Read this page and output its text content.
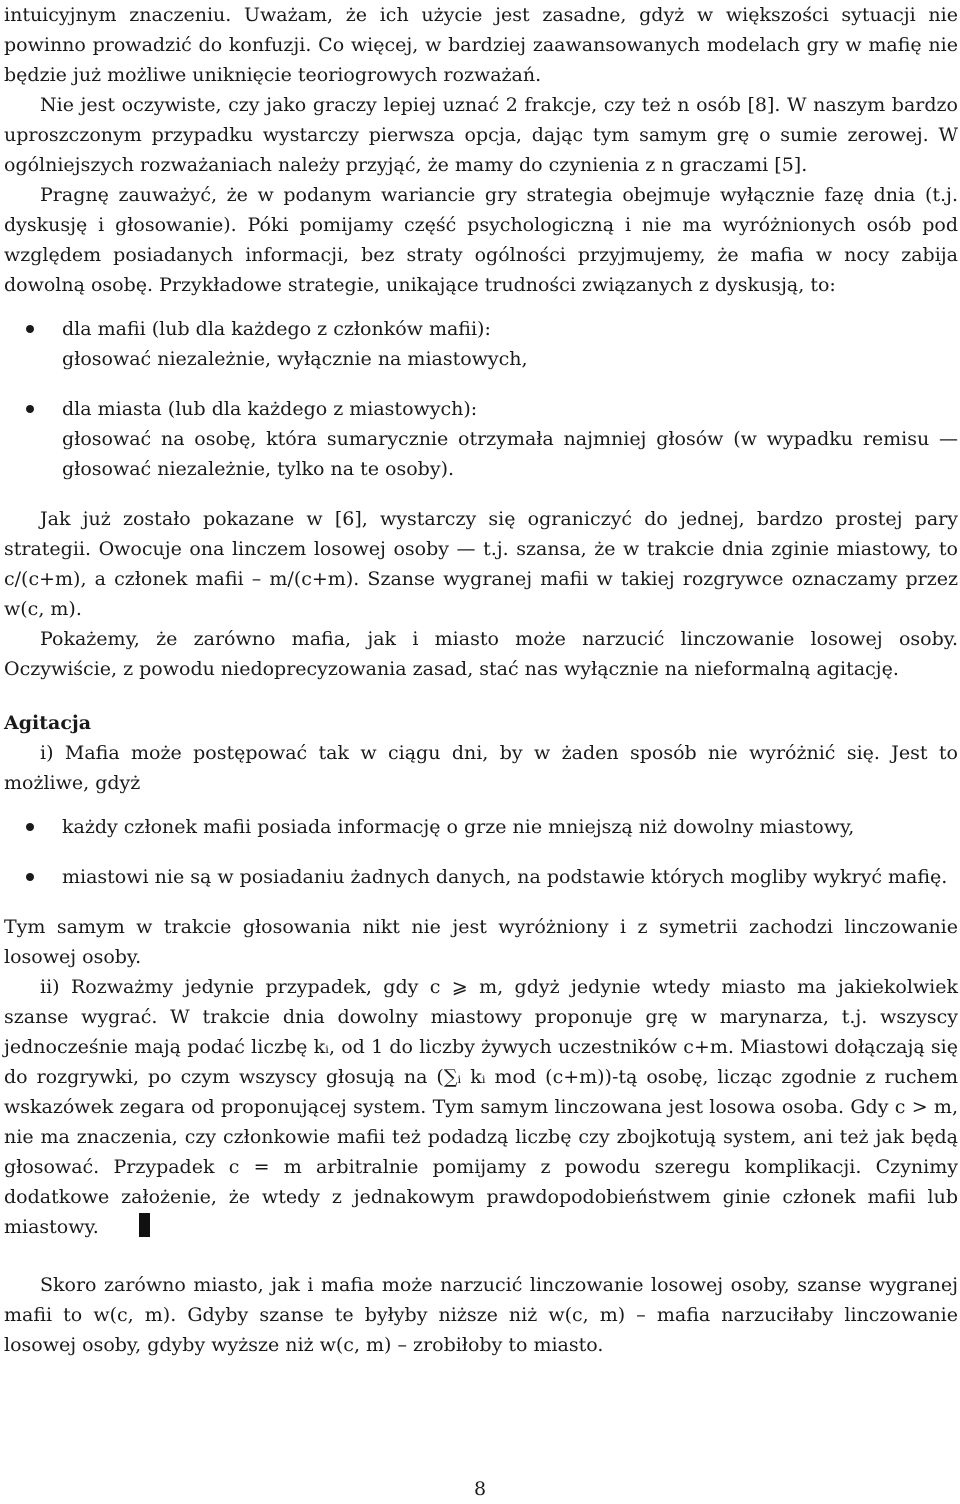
intuicyjnym znaczeniu. Uważam, że ich użycie jest zasadne, gdyż w większości sytuacji nie powinno prowadzić do konfuzji. Co więcej, w bardziej zaawansowanych modelach gry w mafię nie będzie już możliwe uniknięcie teoriogrowych rozważań.

Nie jest oczywiste, czy jako graczy lepiej uznać 2 frakcje, czy też n osób [8]. W naszym bardzo uproszczonym przypadku wystarczy pierwsza opcja, dając tym samym grę o sumie zerowej. W ogólniejszych rozważaniach należy przyjąć, że mamy do czynienia z n graczami [5].

Pragnę zauważyć, że w podanym wariancie gry strategia obejmuje wyłącznie fazę dnia (t.j. dyskusję i głosowanie). Póki pomijamy część psychologiczną i nie ma wyróżnionych osób pod względem posiadanych informacji, bez straty ogólności przyjmujemy, że mafia w nocy zabija dowolną osobę. Przykładowe strategie, unikające trudności związanych z dyskusją, to:

dla mafii (lub dla każdego z członków mafii):
głosować niezależnie, wyłącznie na miastowych,
dla miasta (lub dla każdego z miastowych):
głosować na osobę, która sumarycznie otrzymała najmniej głosów (w wypadku remisu — głosować niezależnie, tylko na te osoby).

Jak już zostało pokazane w [6], wystarczy się ograniczyć do jednej, bardzo prostej pary strategii. Owocuje ona linczem losowej osoby — t.j. szansa, że w trakcie dnia zginie miastowy, to c/(c+m), a członek mafii – m/(c+m). Szanse wygranej mafii w takiej rozgrywce oznaczamy przez w(c, m).

Pokażemy, że zarówno mafia, jak i miasto może narzucić linczowanie losowej osoby. Oczywiście, z powodu niedoprecyzowania zasad, stać nas wyłącznie na nieformalną agitację.

Agitacja

i) Mafia może postępować tak w ciągu dni, by w żaden sposób nie wyróżnić się. Jest to możliwe, gdyż

każdy członek mafii posiada informację o grze nie mniejszą niż dowolny miastowy,
miastowi nie są w posiadaniu żadnych danych, na podstawie których mogliby wykryć mafię.

Tym samym w trakcie głosowania nikt nie jest wyróżniony i z symetrii zachodzi linczowanie losowej osoby.

ii) Rozważmy jedynie przypadek, gdy c ⩾ m, gdyż jedynie wtedy miasto ma jakiekolwiek szanse wygrać. W trakcie dnia dowolny miastowy proponuje grę w marynarza, t.j. wszyscy jednocześnie mają podać liczbę kᵢ, od 1 do liczby żywych uczestników c+m. Miastowi dołączają się do rozgrywki, po czym wszyscy głosują na (∑ᵢ kᵢ mod (c+m))-tą osobę, licząc zgodnie z ruchem wskazówek zegara od proponującej system. Tym samym linczowana jest losowa osoba. Gdy c > m, nie ma znaczenia, czy członkowie mafii też podadzą liczbę czy zbojkotują system, ani też jak będą głosować. Przypadek c = m arbitralnie pomijamy z powodu szeregu komplikacji. Czynimy dodatkowe założenie, że wtedy z jednakowym prawdopodobieństwem ginie członek mafii lub miastowy.

Skoro zarówno miasto, jak i mafia może narzucić linczowanie losowej osoby, szanse wygranej mafii to w(c, m). Gdyby szanse te byłyby niższe niż w(c, m) – mafia narzuciłaby linczowanie losowej osoby, gdyby wyższe niż w(c, m) – zrobiłoby to miasto.

8
